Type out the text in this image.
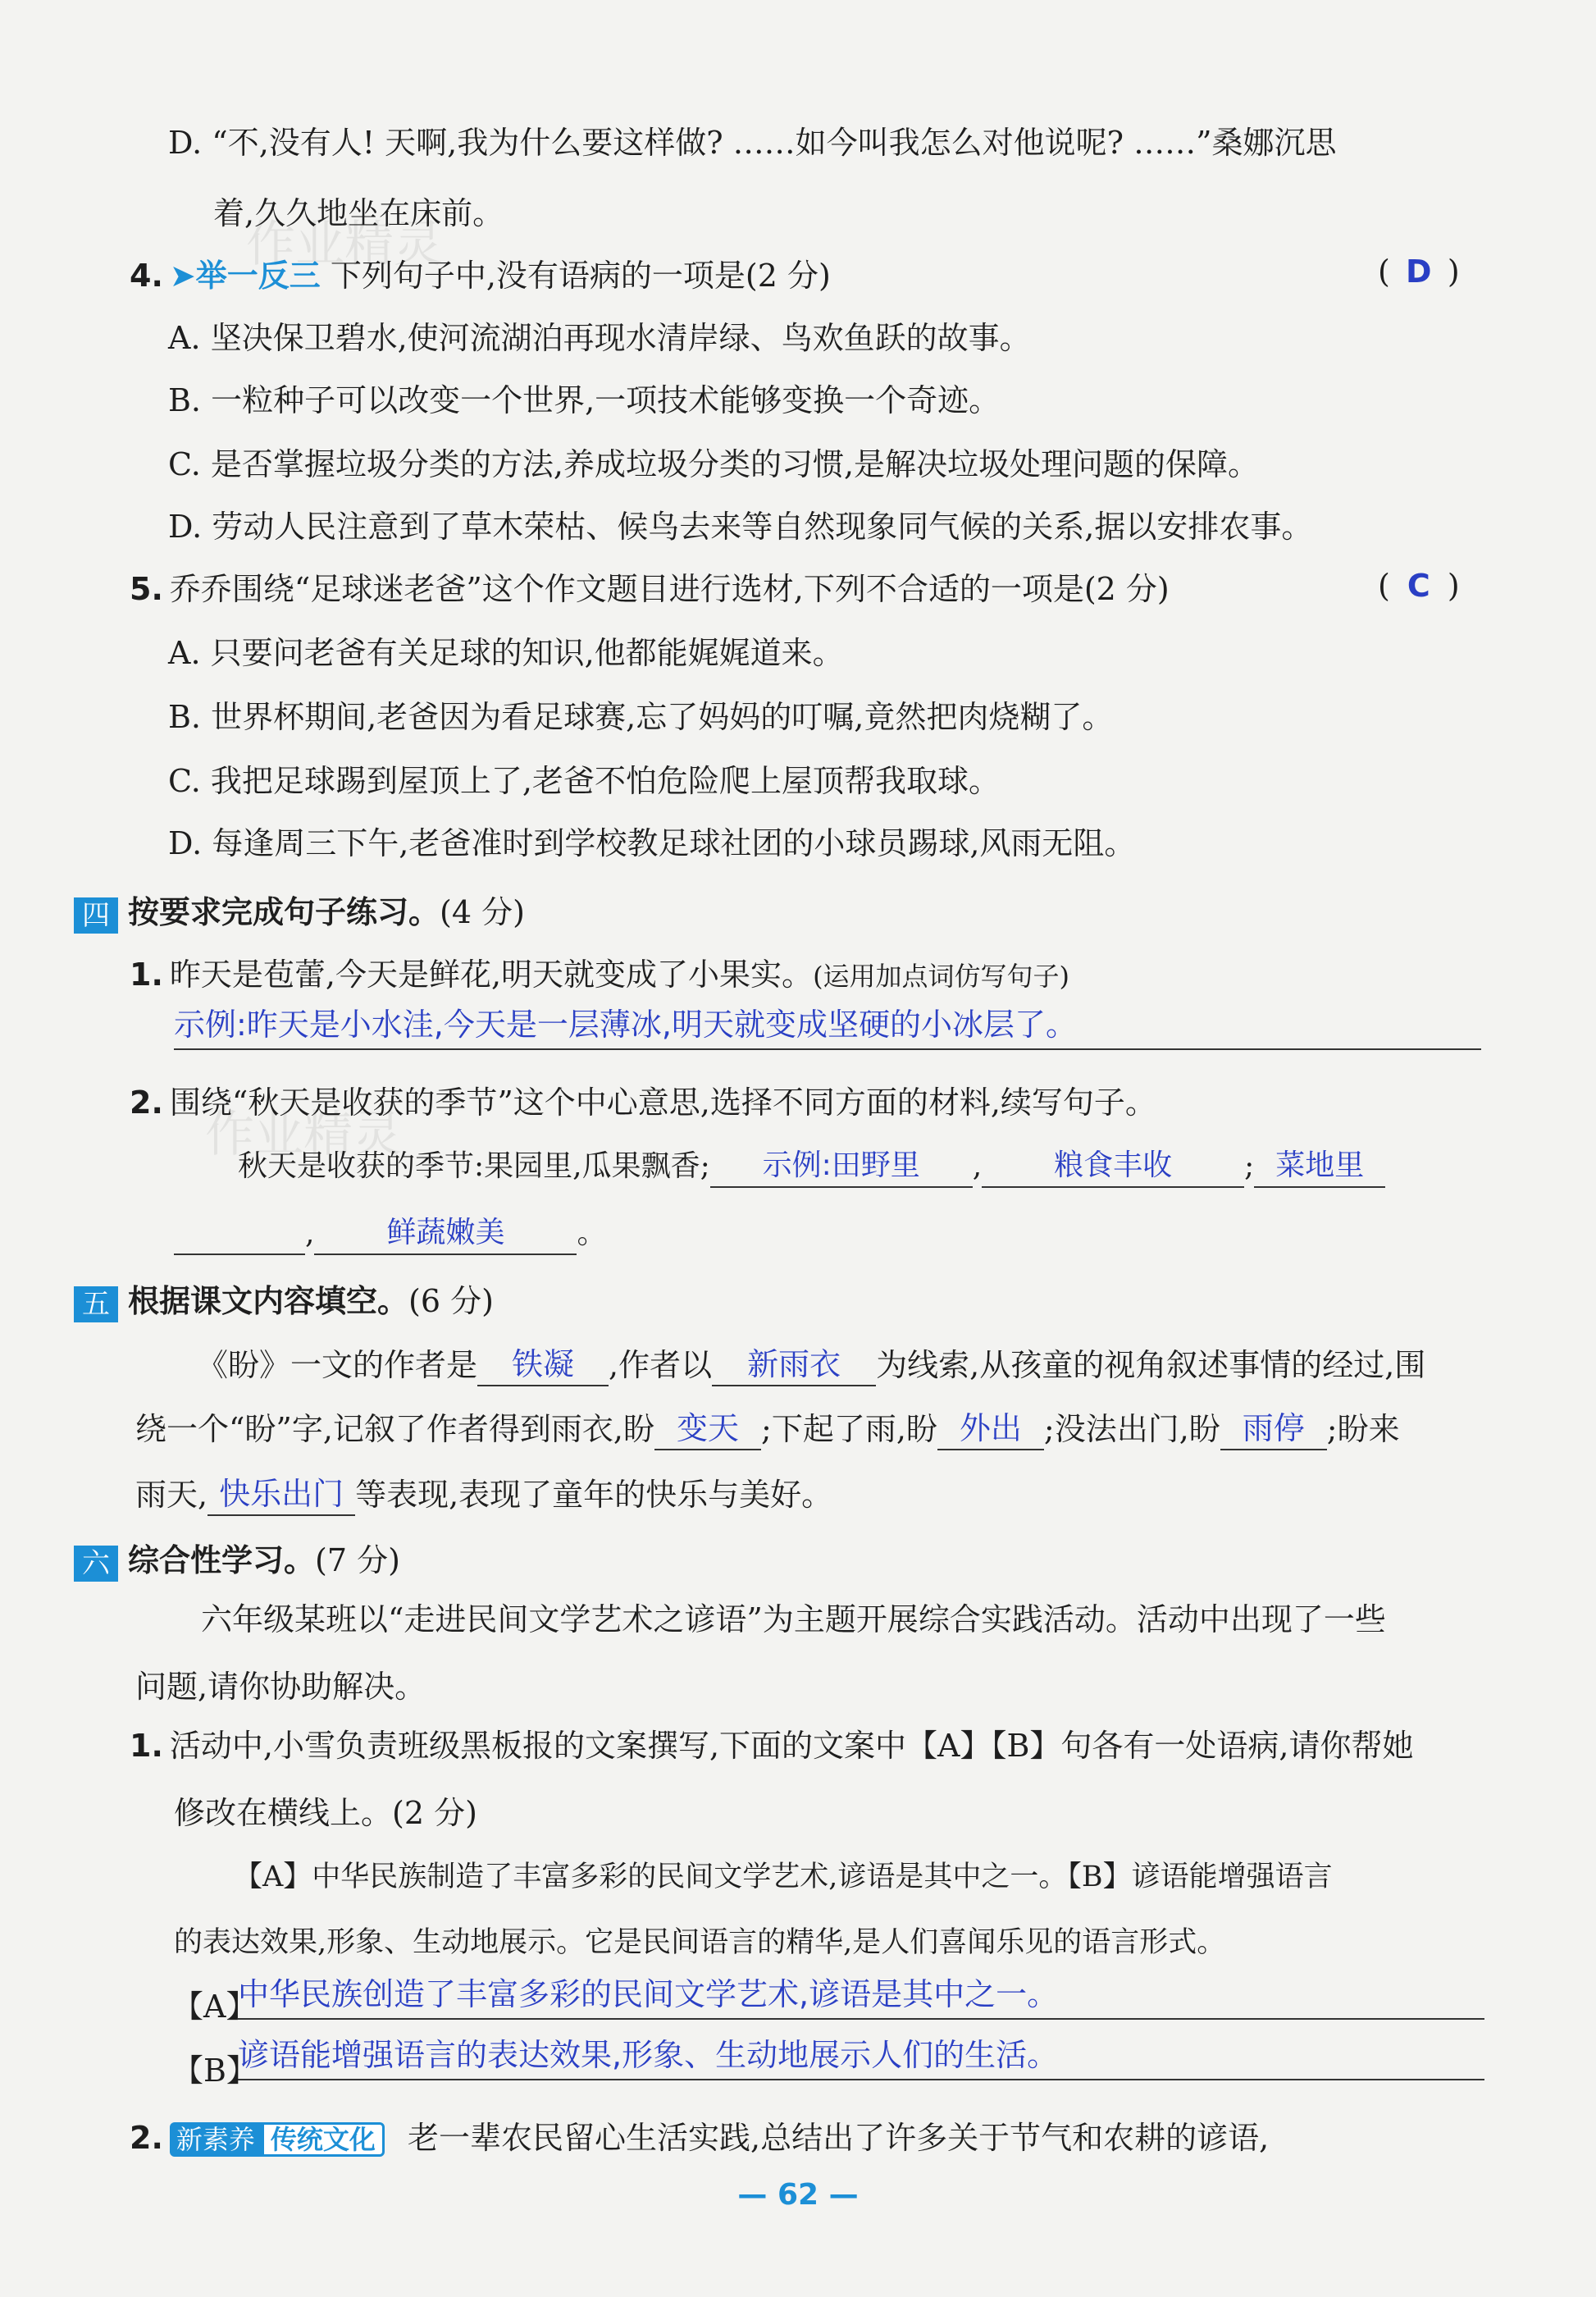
作业精灵
作业精灵
D. “不,没有人! 天啊,我为什么要这样做? ……如今叫我怎么对他说呢? ……”桑娜沉思
着,久久地坐在床前。
4. ➤举一反三 下列句子中,没有语病的一项是(2 分)	( D )
A. 坚决保卫碧水,使河流湖泊再现水清岸绿、鸟欢鱼跃的故事。
B. 一粒种子可以改变一个世界,一项技术能够变换一个奇迹。
C. 是否掌握垃圾分类的方法,养成垃圾分类的习惯,是解决垃圾处理问题的保障。
D. 劳动人民注意到了草木荣枯、候鸟去来等自然现象同气候的关系,据以安排农事。
5. 乔乔围绕“足球迷老爸”这个作文题目进行选材,下列不合适的一项是(2 分)	( C )
A. 只要问老爸有关足球的知识,他都能娓娓道来。
B. 世界杯期间,老爸因为看足球赛,忘了妈妈的叮嘱,竟然把肉烧糊了。
C. 我把足球踢到屋顶上了,老爸不怕危险爬上屋顶帮我取球。
D. 每逢周三下午,老爸准时到学校教足球社团的小球员踢球,风雨无阻。
四 按要求完成句子练习。(4 分)
1. 昨天是苞蕾,今天是鲜花,明天就变成了小果实。(运用加点词仿写句子)
示例:昨天是小水洼,今天是一层薄冰,明天就变成坚硬的小冰层了。
2. 围绕“秋天是收获的季节”这个中心意思,选择不同方面的材料,续写句子。
秋天是收获的季节:果园里,瓜果飘香; 示例:田野里 , 粮食丰收 ; 菜地里
, 鲜蔬嫩美 。
五 根据课文内容填空。(6 分)
《盼》一文的作者是 铁凝 ,作者以 新雨衣 为线索,从孩童的视角叙述事情的经过,围
绕一个“盼”字,记叙了作者得到雨衣,盼 变天 ;下起了雨,盼 外出 ;没法出门,盼 雨停 ;盼来
雨天, 快乐出门 等表现,表现了童年的快乐与美好。
六 综合性学习。(7 分)
六年级某班以“走进民间文学艺术之谚语”为主题开展综合实践活动。活动中出现了一些
问题,请你协助解决。
1. 活动中,小雪负责班级黑板报的文案撰写,下面的文案中【A】【B】句各有一处语病,请你帮她
修改在横线上。(2 分)
【A】中华民族制造了丰富多彩的民间文学艺术,谚语是其中之一。【B】谚语能增强语言
的表达效果,形象、生动地展示。它是民间语言的精华,是人们喜闻乐见的语言形式。
【A】
中华民族创造了丰富多彩的民间文学艺术,谚语是其中之一。
【B】
谚语能增强语言的表达效果,形象、生动地展示人们的生活。
2. 新素养 传统文化 老一辈农民留心生活实践,总结出了许多关于节气和农耕的谚语,
— 62 —
